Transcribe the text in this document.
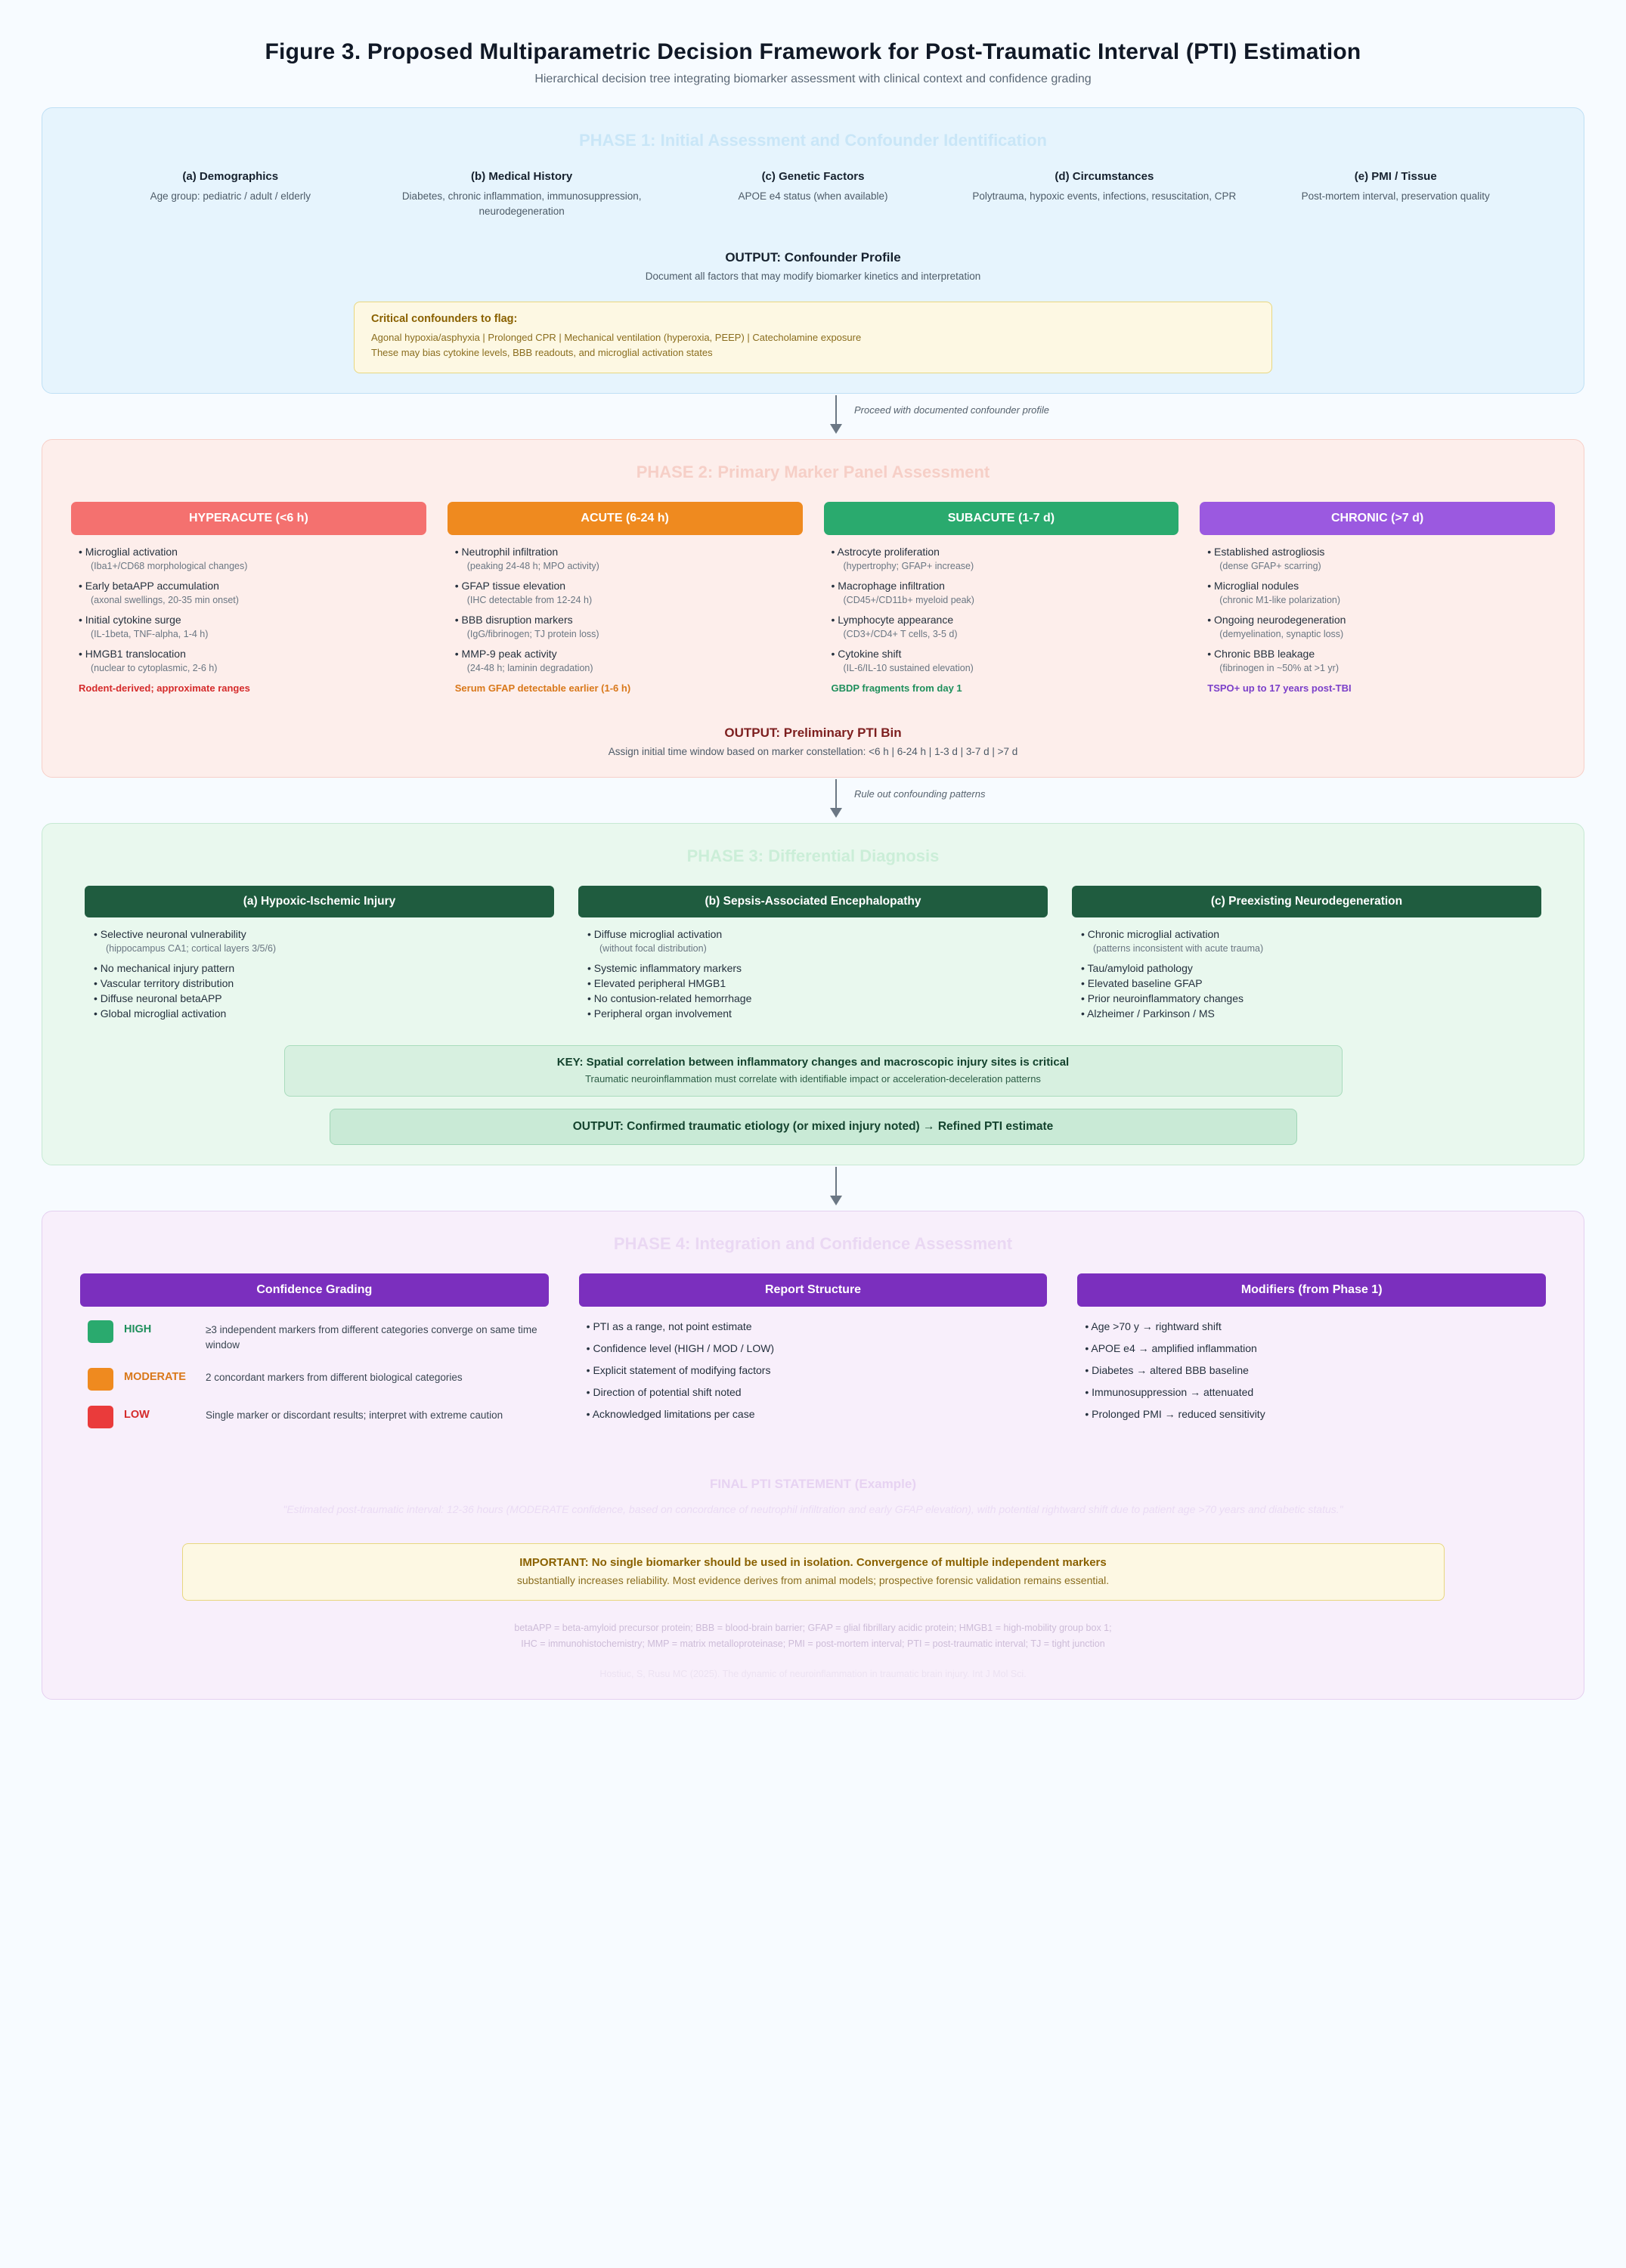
Figure 3. Proposed Multiparametric Decision Framework for Post-Traumatic Interval (PTI) Estimation
Hierarchical decision tree integrating biomarker assessment with clinical context and confidence grading
PHASE 1: Initial Assessment and Confounder Identification
(a) Demographics
Age group: pediatric / adult / elderly
(b) Medical History
Diabetes, chronic inflammation, immunosuppression, neurodegeneration
(c) Genetic Factors
APOE e4 status (when available)
(d) Circumstances
Polytrauma, hypoxic events, infections, resuscitation, CPR
(e) PMI / Tissue
Post-mortem interval, preservation quality
OUTPUT: Confounder Profile
Document all factors that may modify biomarker kinetics and interpretation
Critical confounders to flag:
Agonal hypoxia/asphyxia | Prolonged CPR | Mechanical ventilation (hyperoxia, PEEP) | Catecholamine exposure
These may bias cytokine levels, BBB readouts, and microglial activation states
Proceed with documented confounder profile
PHASE 2: Primary Marker Panel Assessment
HYPERACUTE (<6 h)
• Microglial activation
(Iba1+/CD68 morphological changes)
• Early betaAPP accumulation
(axonal swellings, 20-35 min onset)
• Initial cytokine surge
(IL-1beta, TNF-alpha, 1-4 h)
• HMGB1 translocation
(nuclear to cytoplasmic, 2-6 h)
Rodent-derived; approximate ranges
ACUTE (6-24 h)
• Neutrophil infiltration
(peaking 24-48 h; MPO activity)
• GFAP tissue elevation
(IHC detectable from 12-24 h)
• BBB disruption markers
(IgG/fibrinogen; TJ protein loss)
• MMP-9 peak activity
(24-48 h; laminin degradation)
Serum GFAP detectable earlier (1-6 h)
SUBACUTE (1-7 d)
• Astrocyte proliferation
(hypertrophy; GFAP+ increase)
• Macrophage infiltration
(CD45+/CD11b+ myeloid peak)
• Lymphocyte appearance
(CD3+/CD4+ T cells, 3-5 d)
• Cytokine shift
(IL-6/IL-10 sustained elevation)
GBDP fragments from day 1
CHRONIC (>7 d)
• Established astrogliosis
(dense GFAP+ scarring)
• Microglial nodules
(chronic M1-like polarization)
• Ongoing neurodegeneration
(demyelination, synaptic loss)
• Chronic BBB leakage
(fibrinogen in ~50% at >1 yr)
TSPO+ up to 17 years post-TBI
OUTPUT: Preliminary PTI Bin
Assign initial time window based on marker constellation: <6 h | 6-24 h | 1-3 d | 3-7 d | >7 d
Rule out confounding patterns
PHASE 3: Differential Diagnosis
(a) Hypoxic-Ischemic Injury
• Selective neuronal vulnerability
(hippocampus CA1; cortical layers 3/5/6)
• No mechanical injury pattern
• Vascular territory distribution
• Diffuse neuronal betaAPP
• Global microglial activation
(b) Sepsis-Associated Encephalopathy
• Diffuse microglial activation
(without focal distribution)
• Systemic inflammatory markers
• Elevated peripheral HMGB1
• No contusion-related hemorrhage
• Peripheral organ involvement
(c) Preexisting Neurodegeneration
• Chronic microglial activation
(patterns inconsistent with acute trauma)
• Tau/amyloid pathology
• Elevated baseline GFAP
• Prior neuroinflammatory changes
• Alzheimer / Parkinson / MS
KEY: Spatial correlation between inflammatory changes and macroscopic injury sites is critical
Traumatic neuroinflammation must correlate with identifiable impact or acceleration-deceleration patterns
OUTPUT: Confirmed traumatic etiology (or mixed injury noted) → Refined PTI estimate
PHASE 4: Integration and Confidence Assessment
Confidence Grading
HIGH	≥3 independent markers from different categories converge on same time window
MODERATE	2 concordant markers from different biological categories
LOW	Single marker or discordant results; interpret with extreme caution
Report Structure
• PTI as a range, not point estimate
• Confidence level (HIGH / MOD / LOW)
• Explicit statement of modifying factors
• Direction of potential shift noted
• Acknowledged limitations per case
Modifiers (from Phase 1)
• Age >70 y → rightward shift
• APOE e4 → amplified inflammation
• Diabetes → altered BBB baseline
• Immunosuppression → attenuated
• Prolonged PMI → reduced sensitivity
FINAL PTI STATEMENT (Example)
"Estimated post-traumatic interval: 12-36 hours (MODERATE confidence, based on concordance of neutrophil infiltration and early GFAP elevation), with potential rightward shift due to patient age >70 years and diabetic status."
IMPORTANT: No single biomarker should be used in isolation. Convergence of multiple independent markers
substantially increases reliability. Most evidence derives from animal models; prospective forensic validation remains essential.
betaAPP = beta-amyloid precursor protein; BBB = blood-brain barrier; GFAP = glial fibrillary acidic protein; HMGB1 = high-mobility group box 1;
IHC = immunohistochemistry; MMP = matrix metalloproteinase; PMI = post-mortem interval; PTI = post-traumatic interval; TJ = tight junction
Hostiuc, S, Rusu MC (2025). The dynamic of neuroinflammation in traumatic brain injury. Int J Mol Sci.
